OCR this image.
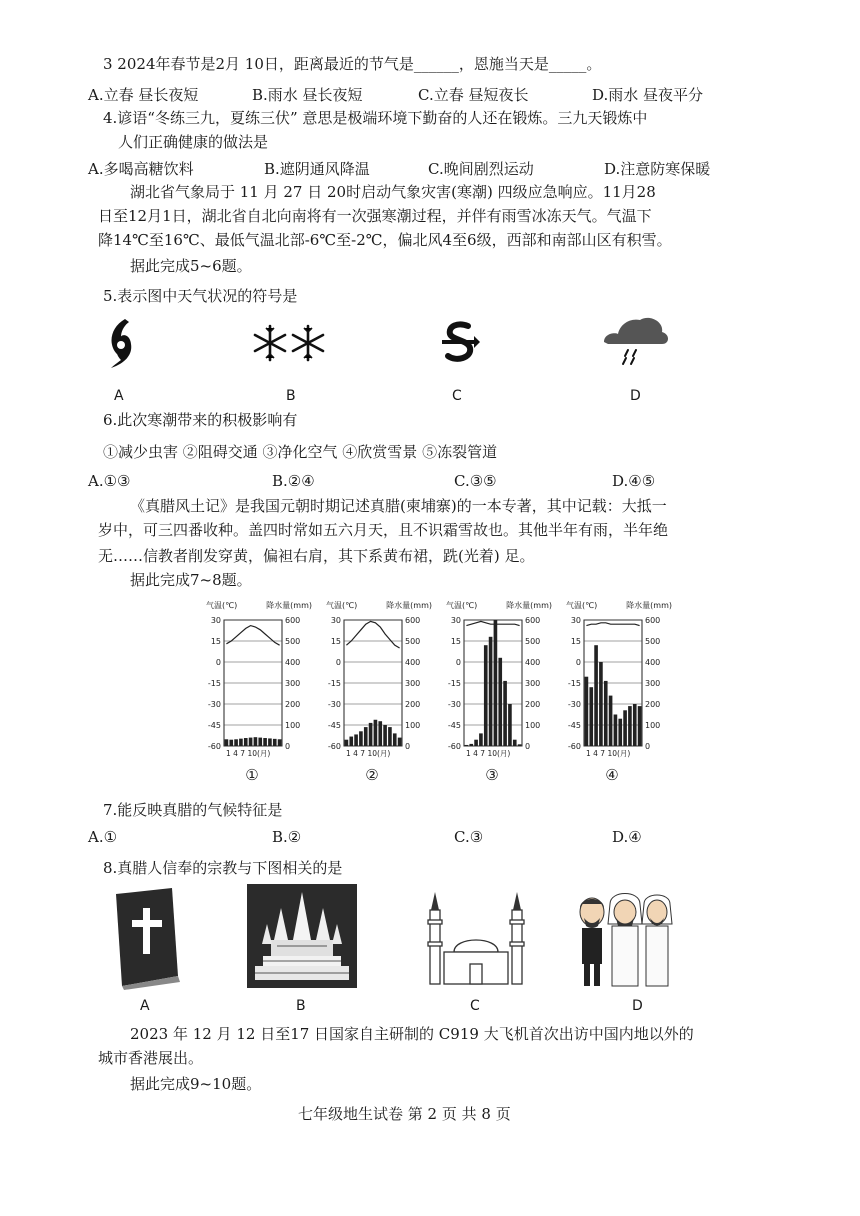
3 2024年春节是2月 10日，距离最近的节气是______，恩施当天是_____。
A.立春 昼长夜短	B.雨水 昼长夜短	C.立春 昼短夜长	D.雨水 昼夜平分
4.谚语“冬练三九，夏练三伏” 意思是极端环境下勤奋的人还在锻炼。三九天锻炼中
人们正确健康的做法是
A.多喝高糖饮料	B.遮阴通风降温	C.晚间剧烈运动	D.注意防寒保暖
湖北省气象局于 11 月 27 日 20时启动气象灾害(寒潮) 四级应急响应。11月28
日至12月1日，湖北省自北向南将有一次强寒潮过程，并伴有雨雪冰冻天气。气温下
降14℃至16℃、最低气温北部-6℃至-2℃，偏北风4至6级，西部和南部山区有积雪。
据此完成5~6题。
5.表示图中天气状况的符号是
A	B	C	D
6.此次寒潮带来的积极影响有
①减少虫害 ②阻碍交通 ③净化空气 ④欣赏雪景 ⑤冻裂管道
A.①③	B.②④	C.③⑤	D.④⑤
《真腊风土记》是我国元朝时期记述真腊(柬埔寨)的一本专著，其中记载：大抵一
岁中，可三四番收种。盖四时常如五六月天，且不识霜雪故也。其他半年有雨，半年绝
无……信教者削发穿黄，偏袒右肩，其下系黄布裙，跣(光着) 足。
据此完成7~8题。
气温(℃)	降水量(mm)
30	600
15	500
0	400
-15	300
-30	200
-45	100
-60	0
1 4 7 10(月)
①
气温(℃)	降水量(mm)
30	600
15	500
0	400
-15	300
-30	200
-45	100
-60	0
1 4 7 10(月)
②
气温(℃)	降水量(mm)
30	600
15	500
0	400
-15	300
-30	200
-45	100
-60	0
1 4 7 10(月)
③
气温(℃)	降水量(mm)
30	600
15	500
0	400
-15	300
-30	200
-45	100
-60	0
1 4 7 10(月)
④
7.能反映真腊的气候特征是
A.①	B.②	C.③	D.④
8.真腊人信奉的宗教与下图相关的是
A	B	C	D
2023 年 12 月 12 日至17 日国家自主研制的 C919 大飞机首次出访中国内地以外的
城市香港展出。
据此完成9~10题。
七年级地生试卷 第 2 页 共 8 页
